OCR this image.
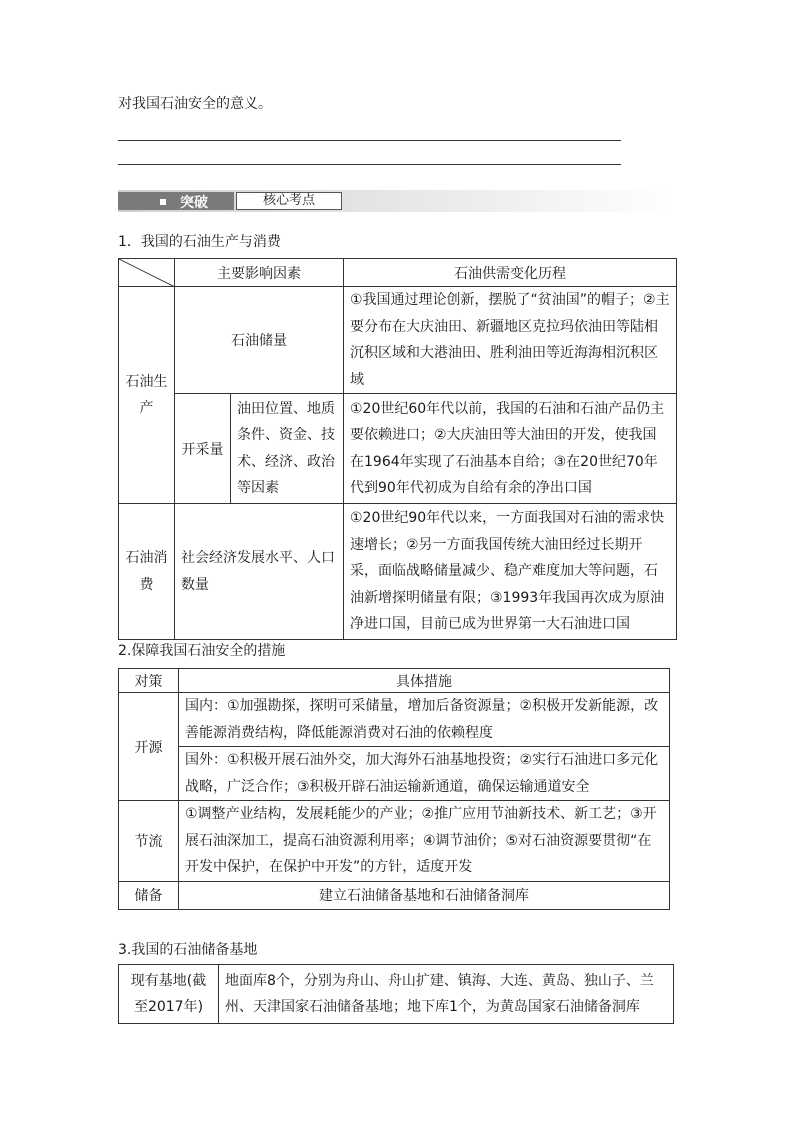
对我国石油安全的意义。
突破	核心考点
1．我国的石油生产与消费
	主要影响因素		石油供需变化历程
石油生产	石油储量		①我国通过理论创新，摆脱了“贫油国”的帽子；②主要分布在大庆油田、新疆地区克拉玛依油田等陆相沉积区域和大港油田、胜利油田等近海海相沉积区域
	开采量	油田位置、地质条件、资金、技术、经济、政治等因素	①20世纪60年代以前，我国的石油和石油产品仍主要依赖进口；②大庆油田等大油田的开发，使我国在1964年实现了石油基本自给；③在20世纪70年代到90年代初成为自给有余的净出口国
石油消费	社会经济发展水平、人口数量		①20世纪90年代以来，一方面我国对石油的需求快速增长；②另一方面我国传统大油田经过长期开采，面临战略储量减少、稳产难度加大等问题，石油新增探明储量有限；③1993年我国再次成为原油净进口国，目前已成为世界第一大石油进口国
2.保障我国石油安全的措施
对策	具体措施
开源	国内：①加强勘探，探明可采储量，增加后备资源量；②积极开发新能源，改善能源消费结构，降低能源消费对石油的依赖程度
	国外：①积极开展石油外交，加大海外石油基地投资；②实行石油进口多元化战略，广泛合作；③积极开辟石油运输新通道，确保运输通道安全
节流	①调整产业结构，发展耗能少的产业；②推广应用节油新技术、新工艺；③开展石油深加工，提高石油资源利用率；④调节油价；⑤对石油资源要贯彻“在开发中保护，在保护中开发”的方针，适度开发
储备	建立石油储备基地和石油储备洞库
3.我国的石油储备基地
现有基地(截至2017年)	地面库8个，分别为舟山、舟山扩建、镇海、大连、黄岛、独山子、兰州、天津国家石油储备基地；地下库1个，为黄岛国家石油储备洞库
